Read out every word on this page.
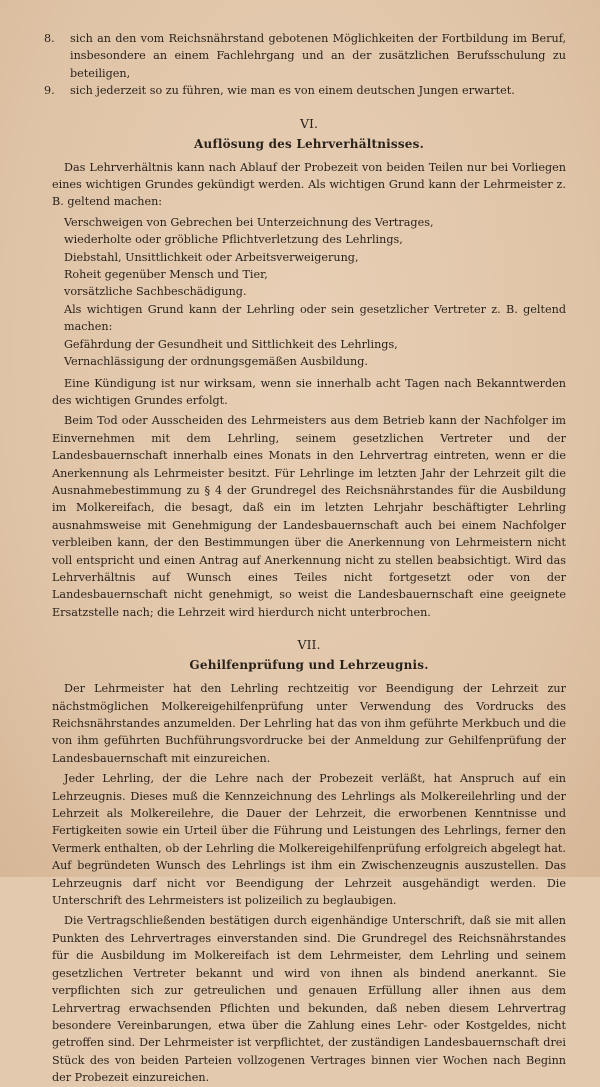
8. sich an den vom Reichsnährstand gebotenen Möglichkeiten der Fortbildung im Beruf, insbesondere an einem Fachlehrgang und an der zusätzlichen Berufsschulung zu beteiligen,
9. sich jederzeit so zu führen, wie man es von einem deutschen Jungen erwartet.
VI.
Auflösung des Lehrverhältnisses.

Das Lehrverhältnis kann nach Ablauf der Probezeit von beiden Teilen nur bei Vorliegen eines wichtigen Grundes gekündigt werden. Als wichtigen Grund kann der Lehrmeister z. B. geltend machen:

Verschweigen von Gebrechen bei Unterzeichnung des Vertrages,

wiederholte oder gröbliche Pflichtverletzung des Lehrlings,

Diebstahl, Unsittlichkeit oder Arbeitsverweigerung,

Roheit gegenüber Mensch und Tier,

vorsätzliche Sachbeschädigung.

Als wichtigen Grund kann der Lehrling oder sein gesetzlicher Vertreter z. B. geltend machen:

Gefährdung der Gesundheit und Sittlichkeit des Lehrlings,

Vernachlässigung der ordnungsgemäßen Ausbildung.

Eine Kündigung ist nur wirksam, wenn sie innerhalb acht Tagen nach Bekanntwerden des wichtigen Grundes erfolgt.

Beim Tod oder Ausscheiden des Lehrmeisters aus dem Betrieb kann der Nachfolger im Einvernehmen mit dem Lehrling, seinem gesetzlichen Vertreter und der Landesbauernschaft innerhalb eines Monats in den Lehrvertrag eintreten, wenn er die Anerkennung als Lehrmeister besitzt. Für Lehrlinge im letzten Jahr der Lehrzeit gilt die Ausnahmebestimmung zu § 4 der Grundregel des Reichsnährstandes für die Ausbildung im Molkereifach, die besagt, daß ein im letzten Lehrjahr beschäftigter Lehrling ausnahmsweise mit Genehmigung der Landesbauernschaft auch bei einem Nachfolger verbleiben kann, der den Bestimmungen über die Anerkennung von Lehrmeistern nicht voll entspricht und einen Antrag auf Anerkennung nicht zu stellen beabsichtigt. Wird das Lehrverhältnis auf Wunsch eines Teiles nicht fortgesetzt oder von der Landesbauernschaft nicht genehmigt, so weist die Landesbauernschaft eine geeignete Ersatzstelle nach; die Lehrzeit wird hierdurch nicht unterbrochen.

VII.
Gehilfenprüfung und Lehrzeugnis.

Der Lehrmeister hat den Lehrling rechtzeitig vor Beendigung der Lehrzeit zur nächstmöglichen Molkereigehilfenprüfung unter Verwendung des Vordrucks des Reichsnährstandes anzumelden. Der Lehrling hat das von ihm geführte Merkbuch und die von ihm geführten Buchführungsvordrucke bei der Anmeldung zur Gehilfenprüfung der Landesbauernschaft mit einzureichen.

Jeder Lehrling, der die Lehre nach der Probezeit verläßt, hat Anspruch auf ein Lehrzeugnis. Dieses muß die Kennzeichnung des Lehrlings als Molkereilehrling und der Lehrzeit als Molkereilehre, die Dauer der Lehrzeit, die erworbenen Kenntnisse und Fertigkeiten sowie ein Urteil über die Führung und Leistungen des Lehrlings, ferner den Vermerk enthalten, ob der Lehrling die Molkereigehilfenprüfung erfolgreich abgelegt hat. Auf begründeten Wunsch des Lehrlings ist ihm ein Zwischenzeugnis auszustellen. Das Lehrzeugnis darf nicht vor Beendigung der Lehrzeit ausgehändigt werden. Die Unterschrift des Lehrmeisters ist polizeilich zu beglaubigen.

Die Vertragschließenden bestätigen durch eigenhändige Unterschrift, daß sie mit allen Punkten des Lehrvertrages einverstanden sind. Die Grundregel des Reichsnährstandes für die Ausbildung im Molkereifach ist dem Lehrmeister, dem Lehrling und seinem gesetzlichen Vertreter bekannt und wird von ihnen als bindend anerkannt. Sie verpflichten sich zur getreulichen und genauen Erfüllung aller ihnen aus dem Lehrvertrag erwachsenden Pflichten und bekunden, daß neben diesem Lehrvertrag besondere Vereinbarungen, etwa über die Zahlung eines Lehr- oder Kostgeldes, nicht getroffen sind. Der Lehrmeister ist verpflichtet, der zuständigen Landesbauernschaft drei Stück des von beiden Parteien vollzogenen Vertrages binnen vier Wochen nach Beginn der Probezeit einzureichen.
